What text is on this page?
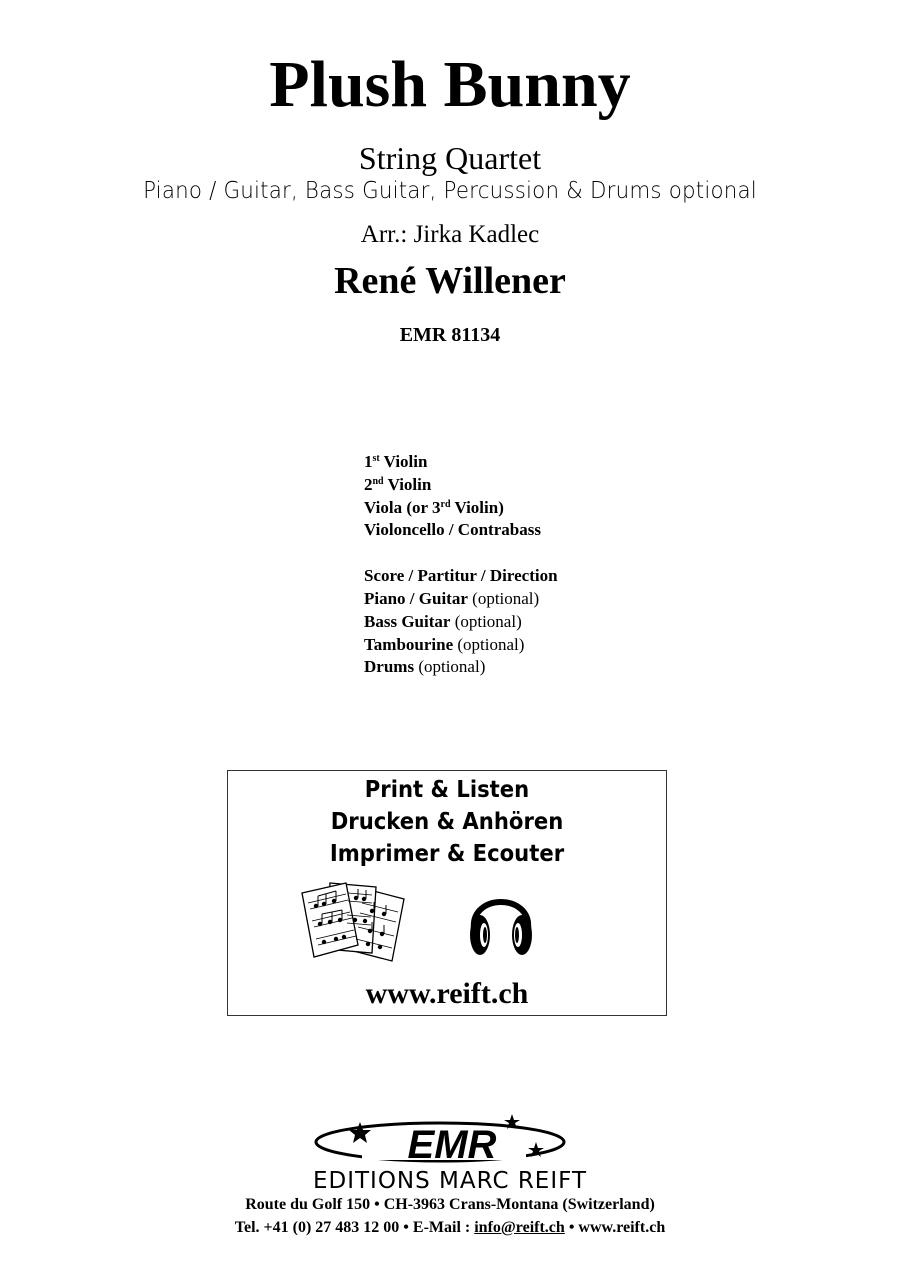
Plush Bunny
String Quartet
Piano / Guitar, Bass Guitar, Percussion & Drums optional
Arr.: Jirka Kadlec
René Willener
EMR 81134
1st Violin
2nd Violin
Viola (or 3rd Violin)
Violoncello / Contrabass
Score / Partitur / Direction
Piano / Guitar (optional)
Bass Guitar (optional)
Tambourine (optional)
Drums (optional)
Print & Listen
Drucken & Anhören
Imprimer & Ecouter
www.reift.ch
EMR
EDITIONS MARC REIFT
Route du Golf 150 • CH-3963 Crans-Montana (Switzerland)
Tel. +41 (0) 27 483 12 00 • E-Mail : info@reift.ch • www.reift.ch
